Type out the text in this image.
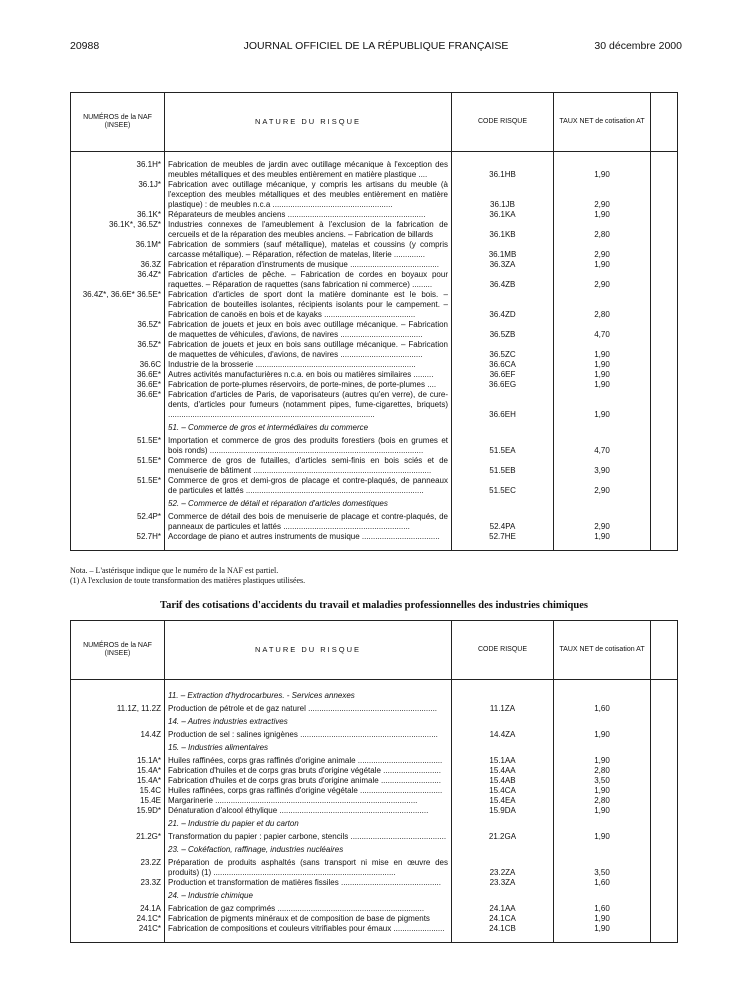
20988	JOURNAL OFFICIEL DE LA RÉPUBLIQUE FRANÇAISE	30 décembre 2000
NUMÉROS de la NAF (INSEE)	NATURE DU RISQUE	CODE RISQUE	TAUX NET de cotisation AT	

36.1H*	Fabrication de meubles de jardin avec outillage mécanique à l'exception des meubles métalliques et des meubles entièrement en matière plastique ....	36.1HB	1,90	
36.1J*	Fabrication avec outillage mécanique, y compris les artisans du meuble (à l'exception des meubles métalliques et des meubles entièrement en matière plastique) : de meubles n.c.a ......................................................	36.1JB	2,90	
36.1K*	Réparateurs de meubles anciens ..............................................................	36.1KA	1,90	
36.1K*, 36.5Z*	Industries connexes de l'ameublement à l'exclusion de la fabrication de cercueils et de la réparation des meubles anciens. – Fabrication de billards	36.1KB	2,80	
36.1M*	Fabrication de sommiers (sauf métallique), matelas et coussins (y compris carcasse métallique). – Réparation, réfection de matelas, literie ..............	36.1MB	2,90	
36.3Z	Fabrication et réparation d'instruments de musique ........................................	36.3ZA	1,90	
36.4Z*	Fabrication d'articles de pêche. – Fabrication de cordes en boyaux pour raquettes. – Réparation de raquettes (sans fabrication ni commerce) .........	36.4ZB	2,90	
36.4Z*, 36.6E* 36.5E*	Fabrication d'articles de sport dont la matière dominante est le bois. – Fabrication de bouteilles isolantes, récipients isolants pour le campement. – Fabrication de canoës en bois et de kayaks .........................................	36.4ZD	2,80	
36.5Z*	Fabrication de jouets et jeux en bois avec outillage mécanique. – Fabrication de maquettes de véhicules, d'avions, de navires .....................................	36.5ZB	4,70	
36.5Z*	Fabrication de jouets et jeux en bois sans outillage mécanique. – Fabrication de maquettes de véhicules, d'avions, de navires .....................................	36.5ZC	1,90	
36.6C	Industrie de la brosserie ........................................................................	36.6CA	1,90	
36.6E*	Autres activités manufacturières n.c.a. en bois ou matières similaires .........	36.6EF	1,90	
36.6E*	Fabrication de porte-plumes réservoirs, de porte-mines, de porte-plumes ....	36.6EG	1,90	
36.6E*	Fabrication d'articles de Paris, de vaporisateurs (autres qu'en verre), de cure-dents, d'articles pour fumeurs (notamment pipes, fume-cigarettes, briquets) .............................................................................................	36.6EH	1,90	
	51. – Commerce de gros et intermédiaires du commerce			
51.5E*	Importation et commerce de gros des produits forestiers (bois en grumes et bois ronds) ................................................................................................	51.5EA	4,70	
51.5E*	Commerce de gros de futailles, d'articles semi-finis en bois sciés et de menuiserie de bâtiment ................................................................................	51.5EB	3,90	
51.5E*	Commerce de gros et demi-gros de placage et contre-plaqués, de panneaux de particules et lattés ................................................................................	51.5EC	2,90	
	52. – Commerce de détail et réparation d'articles domestiques			
52.4P*	Commerce de détail des bois de menuiserie de placage et contre-plaqués, de panneaux de particules et lattés .........................................................	52.4PA	2,90	
52.7H*	Accordage de piano et autres instruments de musique ...................................	52.7HE	1,90	

Nota. – L'astérisque indique que le numéro de la NAF est partiel.
(1) A l'exclusion de toute transformation des matières plastiques utilisées.
Tarif des cotisations d'accidents du travail et maladies professionnelles des industries chimiques
NUMÉROS de la NAF (INSEE)	NATURE DU RISQUE	CODE RISQUE	TAUX NET de cotisation AT	

	11. – Extraction d'hydrocarbures. - Services annexes			
11.1Z, 11.2Z	Production de pétrole et de gaz naturel ..........................................................	11.1ZA	1,60	
	14. – Autres industries extractives			
14.4Z	Production de sel : salines ignigènes ..............................................................	14.4ZA	1,90	
	15. – Industries alimentaires			
15.1A*	Huiles raffinées, corps gras raffinés d'origine animale ......................................	15.1AA	1,90	
15.4A*	Fabrication d'huiles et de corps gras bruts d'origine végétale ..........................	15.4AA	2,80	
15.4A*	Fabrication d'huiles et de corps gras bruts d'origine animale ...........................	15.4AB	3,50	
15.4C	Huiles raffinées, corps gras raffinés d'origine végétale .....................................	15.4CA	1,90	
15.4E	Margarinerie ...........................................................................................	15.4EA	2,80	
15.9D*	Dénaturation d'alcool éthylique ...................................................................	15.9DA	1,90	
	21. – Industrie du papier et du carton			
21.2G*	Transformation du papier : papier carbone, stencils ...........................................	21.2GA	1,90	
	23. – Cokéfaction, raffinage, industries nucléaires			
23.2Z	Préparation de produits asphaltés (sans transport ni mise en œuvre des produits) (1) ..................................................................................	23.2ZA	3,50	
23.3Z	Production et transformation de matières fissiles .............................................	23.3ZA	1,60	
	24. – Industrie chimique			
24.1A	Fabrication de gaz comprimés ..................................................................	24.1AA	1,60	
24.1C*	Fabrication de pigments minéraux et de composition de base de pigments	24.1CA	1,90	
241C*	Fabrication de compositions et couleurs vitrifiables pour émaux .......................	24.1CB	1,90	
